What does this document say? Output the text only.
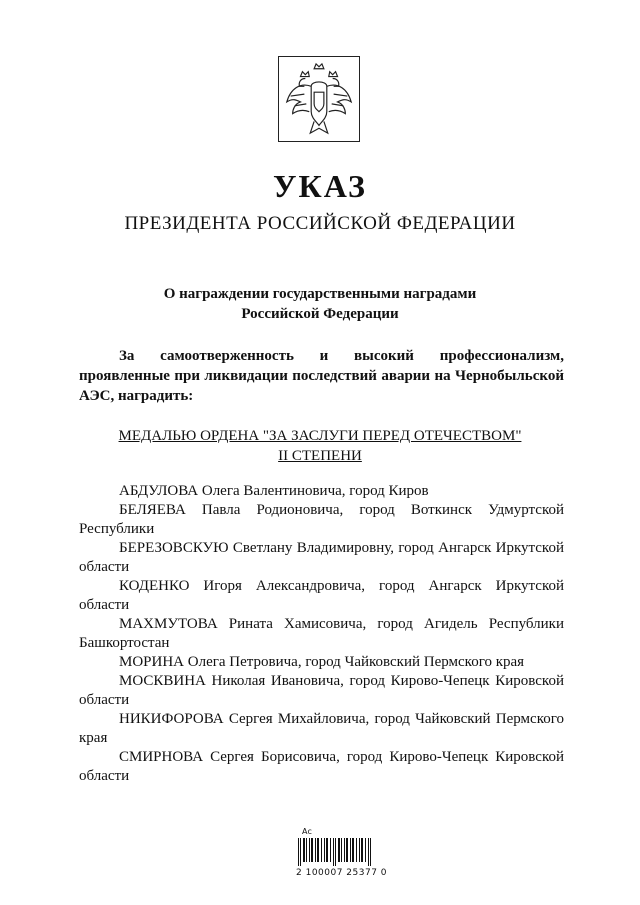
УКАЗ
ПРЕЗИДЕНТА РОССИЙСКОЙ ФЕДЕРАЦИИ
О награждении государственными наградами
Российской Федерации
За самоотверженность и высокий профессионализм, проявленные при ликвидации последствий аварии на Чернобыльской АЭС, наградить:
МЕДАЛЬЮ ОРДЕНА "ЗА ЗАСЛУГИ ПЕРЕД ОТЕЧЕСТВОМ"
II СТЕПЕНИ
АБДУЛОВА Олега Валентиновича, город Киров
БЕЛЯЕВА Павла Родионовича, город Воткинск Удмуртской Республики
БЕРЕЗОВСКУЮ Светлану Владимировну, город Ангарск Иркутской области
КОДЕНКО Игоря Александровича, город Ангарск Иркутской области
МАХМУТОВА Рината Хамисовича, город Агидель Республики Башкортостан
МОРИНА Олега Петровича, город Чайковский Пермского края
МОСКВИНА Николая Ивановича, город Кирово-Чепецк Кировской области
НИКИФОРОВА Сергея Михайловича, город Чайковский Пермского края
СМИРНОВА Сергея Борисовича, город Кирово-Чепецк Кировской области
Ас
2 100007 25377 0
